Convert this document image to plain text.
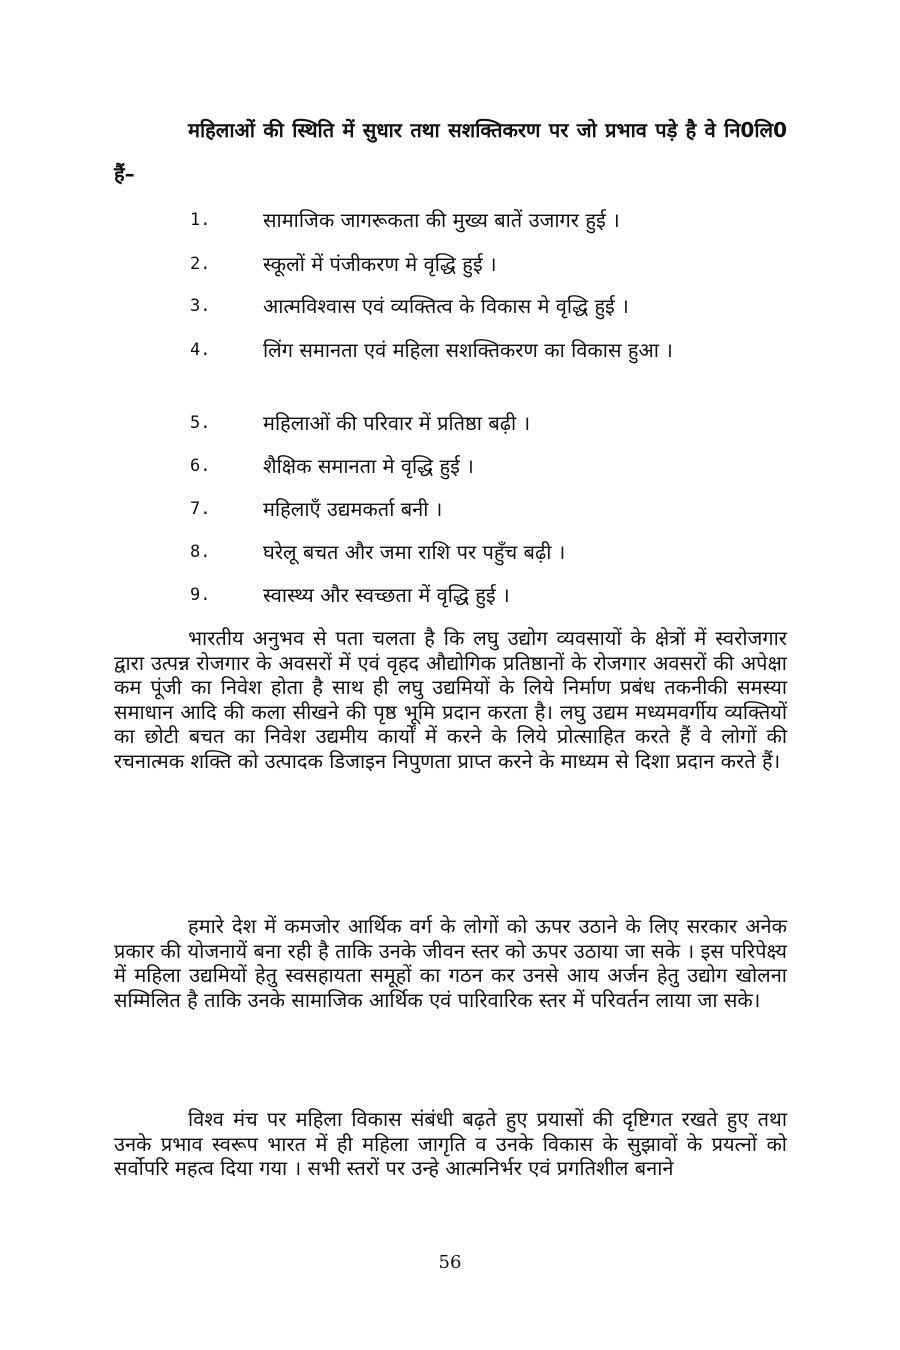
महिलाओं की स्थिति में सुधार तथा सशक्तिकरण पर जो प्रभाव पड़े है वे नि0लि0 हैं–

1.	सामाजिक जागरूकता की मुख्य बातें उजागर हुई ।
2.	स्कूलों में पंजीकरण मे वृद्धि हुई ।
3.	आत्मविश्वास एवं व्यक्तित्व के विकास मे वृद्धि हुई ।
4.	लिंग समानता एवं महिला सशक्तिकरण का विकास हुआ ।
5.	महिलाओं की परिवार में प्रतिष्ठा बढ़ी ।
6.	शैक्षिक समानता मे वृद्धि हुई ।
7.	महिलाएँ उद्यमकर्ता बनी ।
8.	घरेलू बचत और जमा राशि पर पहुँच बढ़ी ।
9.	स्वास्थ्य और स्वच्छता में वृद्धि हुई ।

भारतीय अनुभव से पता चलता है कि लघु उद्योग व्यवसायों के क्षेत्रों में स्वरोजगार द्वारा उत्पन्न रोजगार के अवसरों में एवं वृहद औद्योगिक प्रतिष्ठानों के रोजगार अवसरों की अपेक्षा कम पूंजी का निवेश होता है साथ ही लघु उद्यमियों के लिये निर्माण प्रबंध तकनीकी समस्या समाधान आदि की कला सीखने की पृष्ठ भूमि प्रदान करता है। लघु उद्यम मध्यमवर्गीय व्यक्तियों का छोटी बचत का निवेश उद्यमीय कार्यों में करने के लिये प्रोत्साहित करते हैं वे लोगों की रचनात्मक शक्ति को उत्पादक डिजाइन निपुणता प्राप्त करने के माध्यम से दिशा प्रदान करते हैं।

हमारे देश में कमजोर आर्थिक वर्ग के लोगों को ऊपर उठाने के लिए सरकार अनेक प्रकार की योजनायें बना रही है ताकि उनके जीवन स्तर को ऊपर उठाया जा सके । इस परिपेक्ष्य में महिला उद्यमियों हेतु स्वसहायता समूहों का गठन कर उनसे आय अर्जन हेतु उद्योग खोलना सम्मिलित है ताकि उनके सामाजिक आर्थिक एवं पारिवारिक स्तर में परिवर्तन लाया जा सके।

विश्व मंच पर महिला विकास संबंधी बढ़ते हुए प्रयासों की दृष्टिगत रखते हुए तथा उनके प्रभाव स्वरूप भारत में ही महिला जागृति व उनके विकास के सुझावों के प्रयत्नों को सर्वोपरि महत्व दिया गया । सभी स्तरों पर उन्हे आत्मनिर्भर एवं प्रगतिशील बनाने

56
